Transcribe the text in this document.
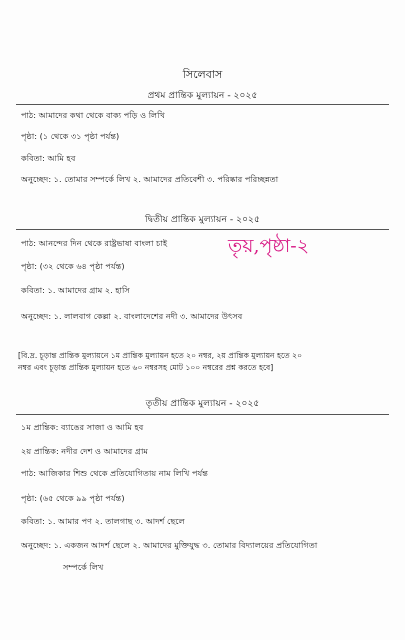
সিলেবাস
প্রথম প্রান্তিক মুল্যায়ন - ২০২৫
পাঠ: আমাদের কথা থেকে বাক্য পড়ি ও লিখি
পৃষ্ঠা: (১ থেকে ৩১ পৃষ্ঠা পর্যন্ত)
কবিতা: আমি হব
অনুচ্ছেদ: ১. তোমার সম্পর্কে লিখ ২. আমাদের প্রতিবেশী ৩. পরিষ্কার পরিচ্ছন্নতা
দ্বিতীয় প্রান্তিক মুল্যায়ন - ২০২৫
পাঠ: আনন্দের দিন থেকে রাষ্ট্রভাষা বাংলা চাই
পৃষ্ঠা: (৩২ থেকে ৬৪ পৃষ্ঠা পর্যন্ত)
কবিতা: ১. আমাদের গ্রাম ২. হাসি
অনুচ্ছেদ: ১. লালবাগ কেল্লা ২. বাংলাদেশের নদী ৩. আমাদের উৎসব
তৃয়,পৃষ্ঠা-২
[বি.দ্র. চূড়ান্ত প্রান্তিক মুল্যায়নে ১ম প্রান্তিক মুল্যায়ন হতে ২০ নম্বর, ২য় প্রান্তিক মুল্যায়ন হতে ২০
নম্বর এবং চূড়ান্ত প্রান্তিক মুল্যায়ন হতে ৬০ নম্বরসহ মোট ১০০ নম্বরের প্রশ্ন করতে হবে]
তৃতীয় প্রান্তিক মুল্যায়ন - ২০২৫
১ম প্রান্তিক: ব্যাঙের সাজা ও আমি হব
২য় প্রান্তিক: নদীর দেশ ও আমাদের গ্রাম
পাঠ: আজিকার শিশু থেকে প্রতিযোগিতায় নাম লিখি পর্যন্ত
পৃষ্ঠা: (৬৫ থেকে ৯৯ পৃষ্ঠা পর্যন্ত)
কবিতা: ১. আমার পণ ২. তালগাছ ৩. আদর্শ ছেলে
অনুচ্ছেদ: ১. একজন আদর্শ ছেলে ২. আমাদের মুক্তিযুদ্ধ ৩. তোমার বিদ্যালয়ের প্রতিযোগিতা
সম্পর্কে লিখ
